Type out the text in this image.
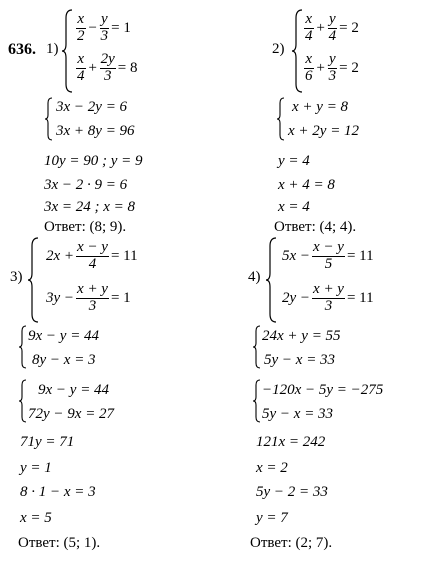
636. 1)
$\frac{x}{2} - \frac{y}{3} = 1$
$\frac{x}{4} + \frac{2y}{3} = 8$
3x − 2y = 6
3x + 8y = 96
10y = 90 ; y = 9
3x − 2 · 9 = 6
3x = 24 ; x = 8
Ответ: (8; 9).
2)
$\frac{x}{4} + \frac{y}{4} = 2$
$\frac{x}{6} + \frac{y}{3} = 2$
x + y = 8
x + 2y = 12
y = 4
x + 4 = 8
x = 4
Ответ: (4; 4).
3)
$2x + \frac{x - y}{4} = 11$
$3y - \frac{x + y}{3} = 1$
9x − y = 44
8y − x = 3
9x − y = 44
72y − 9x = 27
71y = 71
y = 1
8 · 1 − x = 3
x = 5
Ответ: (5; 1).
4)
$5x - \frac{x - y}{5} = 11$
$2y - \frac{x + y}{3} = 11$
24x + y = 55
5y − x = 33
−120x − 5y = −275
5y − x = 33
121x = 242
x = 2
5y − 2 = 33
y = 7
Ответ: (2; 7).
